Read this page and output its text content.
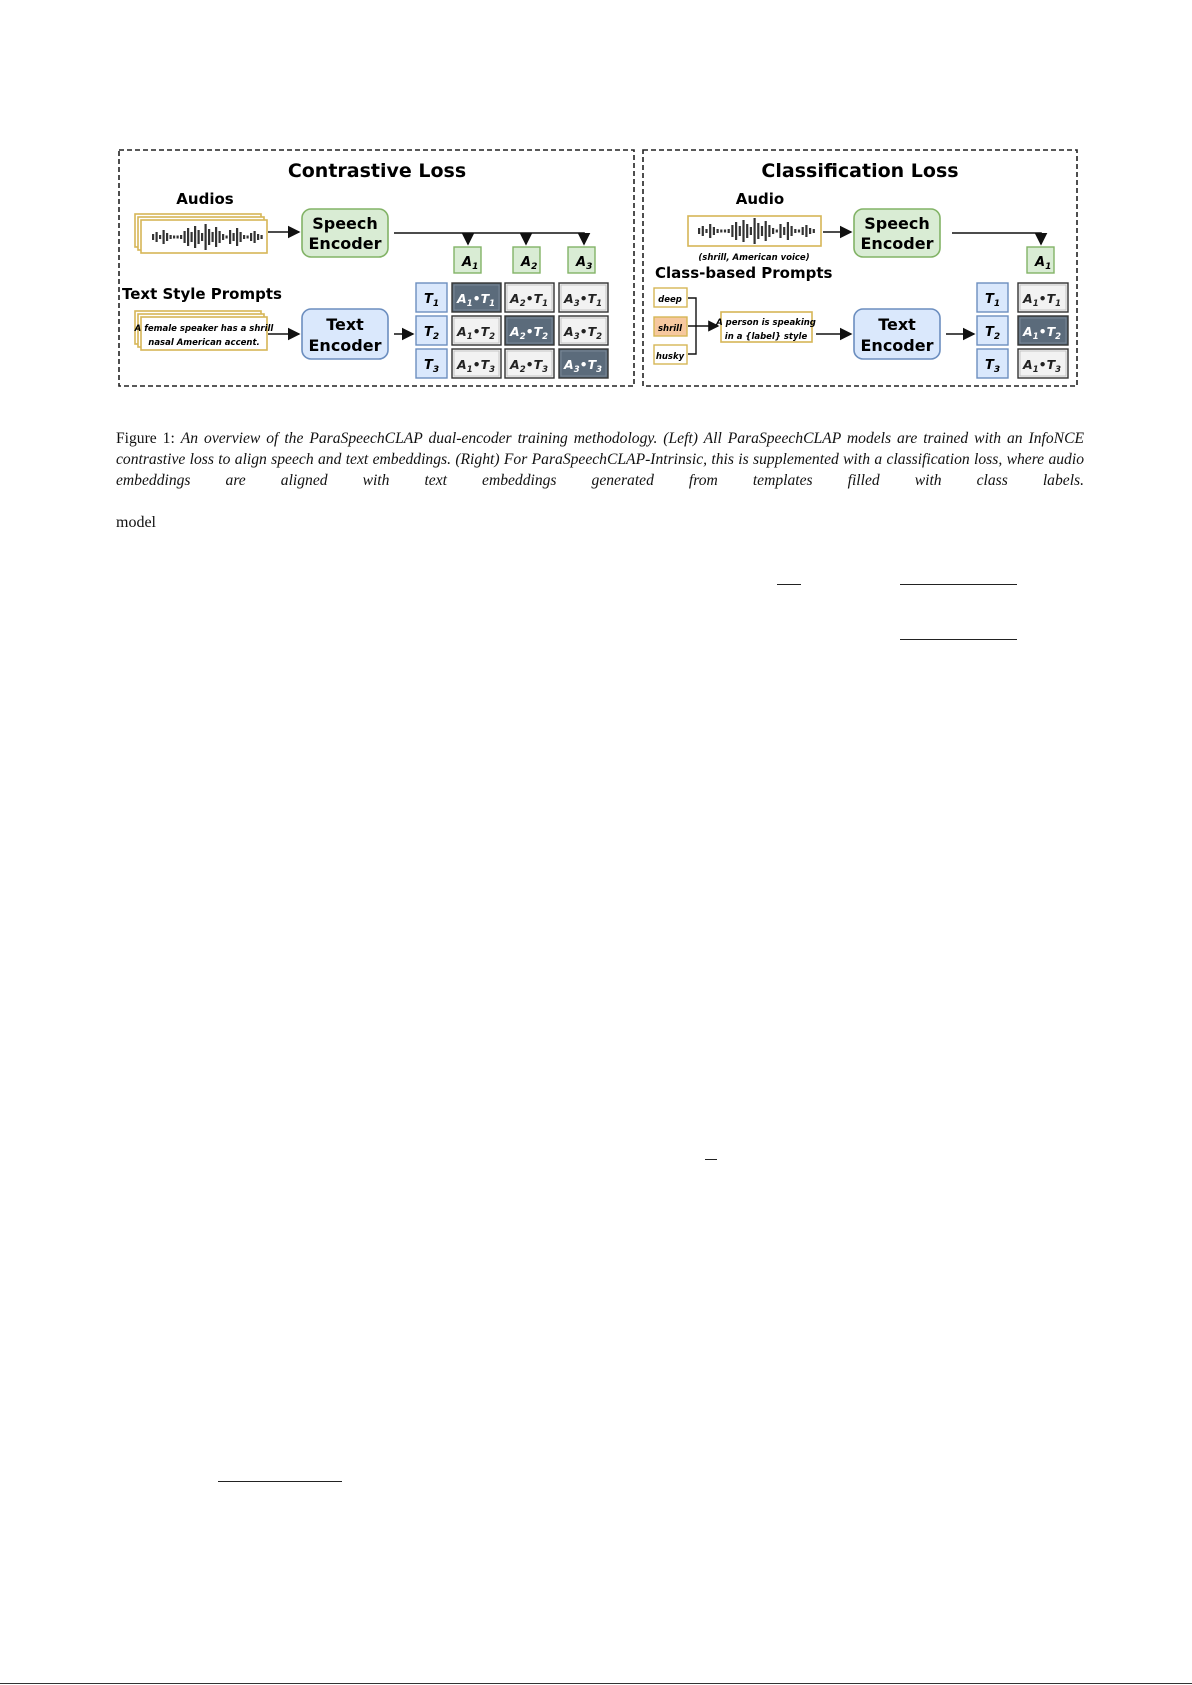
Contrastive Loss
Audios
Speech
Encoder
$A_1$	$A_2$	$A_3$
Text Style Prompts
A female speaker has a shrill
nasal American accent.
Text
Encoder
$T_1$
$T_2$
$T_3$
$A_1•T_1$ $A_2•T_1$ $A_3•T_1$
$A_1•T_2$ $A_2•T_2$ $A_3•T_2$
$A_1•T_3$ $A_2•T_3$ $A_3•T_3$
Classification Loss
Audio
(shrill, American voice)
Speech
Encoder
$A_1$
Class-based Prompts
deep
shrill
husky
A person is speaking
in a {label} style
Text
Encoder
$T_1$
$T_2$
$T_3$
$A_1•T_1$
$A_1•T_2$
$A_1•T_3$

Figure 1: An overview of the ParaSpeechCLAP dual-encoder training methodology. (Left) All ParaSpeechCLAP models are trained with an InfoNCE contrastive loss to align speech and text embeddings. (Right) For ParaSpeechCLAP-Intrinsic, this is supplemented with a classification loss, where audio embeddings are aligned with text embeddings generated from templates filled with class labels.

model
